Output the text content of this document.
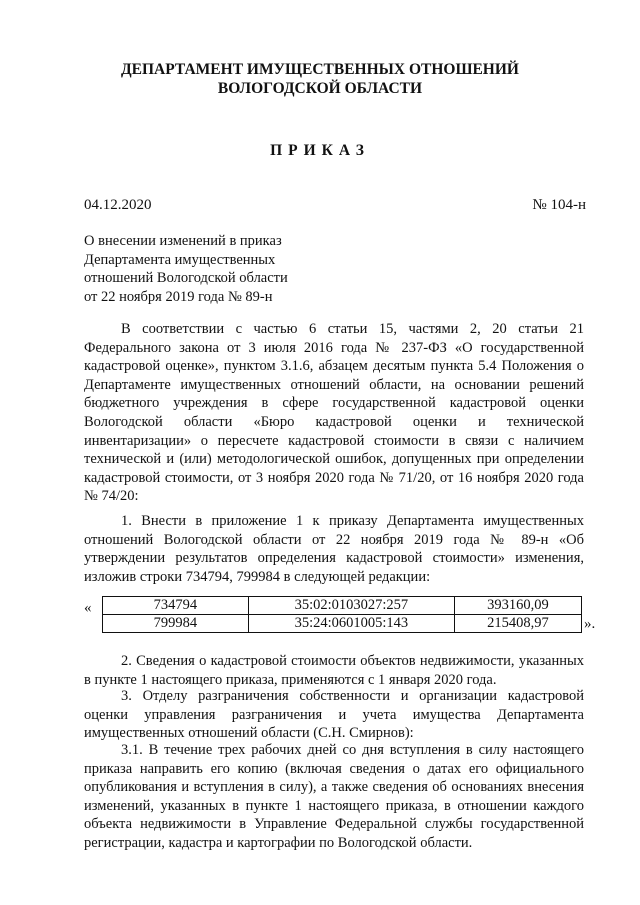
ДЕПАРТАМЕНТ ИМУЩЕСТВЕННЫХ ОТНОШЕНИЙ
ВОЛОГОДСКОЙ ОБЛАСТИ
ПРИКАЗ
04.12.2020	№ 104-н
О внесении изменений в приказ
Департамента имущественных
отношений Вологодской области
от 22 ноября 2019 года № 89-н

В соответствии с частью 6 статьи 15, частями 2, 20 статьи 21 Федерального закона от 3 июля 2016 года № 237-ФЗ «О государственной кадастровой оценке», пунктом 3.1.6, абзацем десятым пункта 5.4 Положения о Департаменте имущественных отношений области, на основании решений бюджетного учреждения в сфере государственной кадастровой оценки Вологодской области «Бюро кадастровой оценки и технической инвентаризации» о пересчете кадастровой стоимости в связи с наличием технической и (или) методологической ошибок, допущенных при определении кадастровой стоимости, от 3 ноября 2020 года № 71/20, от 16 ноября 2020 года № 74/20:

1. Внести в приложение 1 к приказу Департамента имущественных отношений Вологодской области от 22 ноября 2019 года № 89-н «Об утверждении результатов определения кадастровой стоимости» изменения, изложив строки 734794, 799984 в следующей редакции:

«	734794	35:02:0103027:257	393160,09
799984	35:24:0601005:143	215408,97 ».

2. Сведения о кадастровой стоимости объектов недвижимости, указанных в пункте 1 настоящего приказа, применяются с 1 января 2020 года.

3. Отделу разграничения собственности и организации кадастровой оценки управления разграничения и учета имущества Департамента имущественных отношений области (С.Н. Смирнов):

3.1. В течение трех рабочих дней со дня вступления в силу настоящего приказа направить его копию (включая сведения о датах его официального опубликования и вступления в силу), а также сведения об основаниях внесения изменений, указанных в пункте 1 настоящего приказа, в отношении каждого объекта недвижимости в Управление Федеральной службы государственной регистрации, кадастра и картографии по Вологодской области.
